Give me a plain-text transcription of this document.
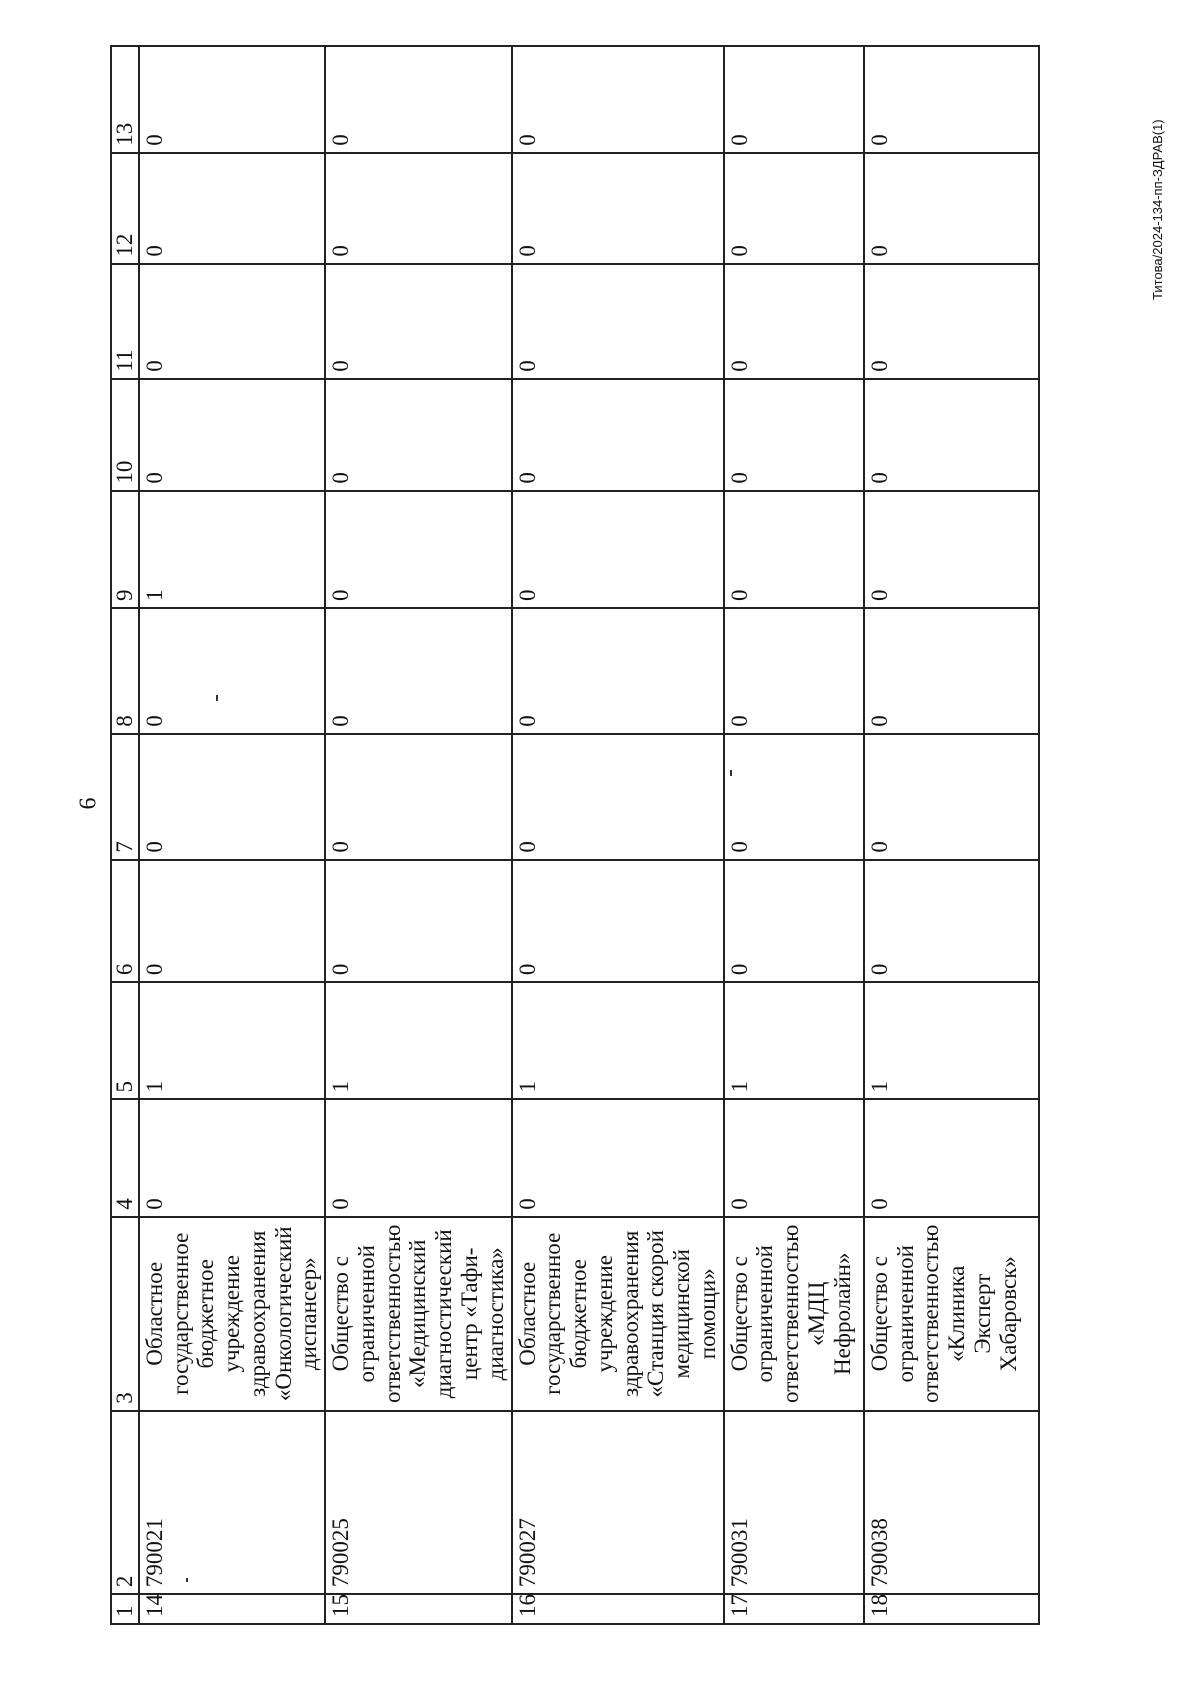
6
Титова/2024-134-пп-ЗДРАВ(1)
1	2	3	4	5	6	7	8	9	10	11	12	13
14	790021	Областное государственное бюджетное учреждение здравоохранения «Онкологический диспансер»	0	1	0	0	0	1	0	0	0	0
15	790025	Общество с ограниченной ответственностью «Медицинский диагностический центр «Тафи-диагностика»	0	1	0	0	0	0	0	0	0	0
16	790027	Областное государственное бюджетное учреждение здравоохранения «Станция скорой медицинской помощи»	0	1	0	0	0	0	0	0	0	0
17	790031	Общество с ограниченной ответственностью «МДЦ Нефролайн»	0	1	0	0	0	0	0	0	0	0
18	790038	Общество с ограниченной ответственностью «Клиника Эксперт Хабаровск»	0	1	0	0	0	0	0	0	0	0
